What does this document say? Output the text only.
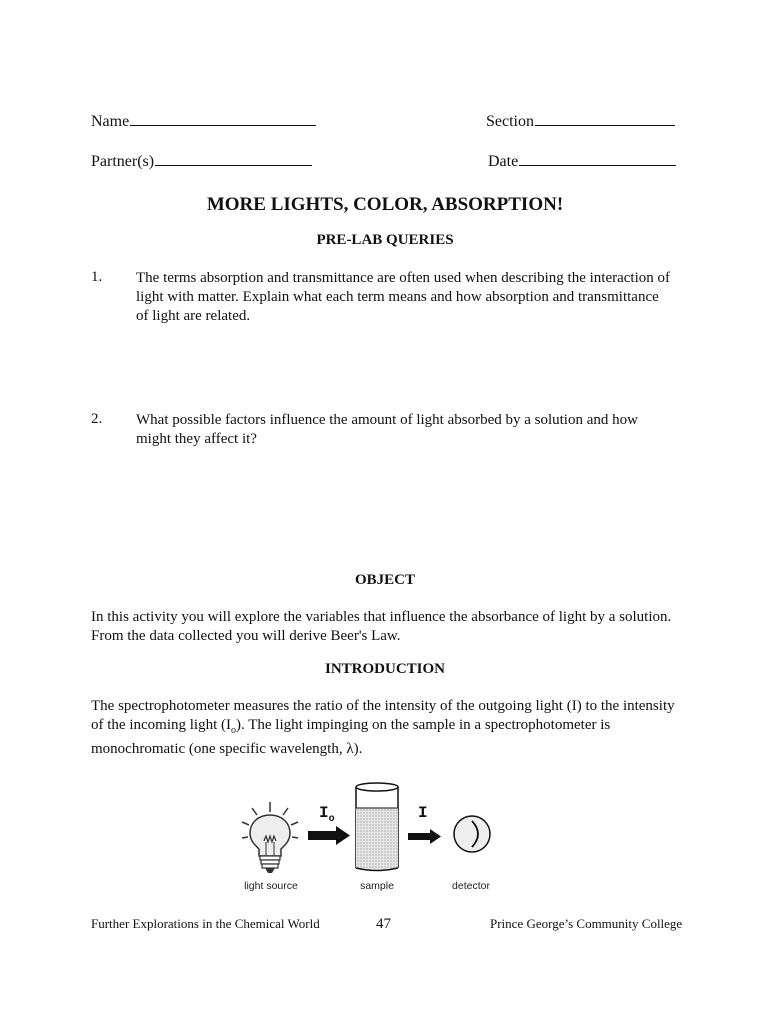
Name	Section
Partner(s)	Date
MORE LIGHTS, COLOR, ABSORPTION!
PRE-LAB QUERIES
1. The terms absorption and transmittance are often used when describing the interaction of
light with matter. Explain what each term means and how absorption and transmittance
of light are related.
2. What possible factors influence the amount of light absorbed by a solution and how
might they affect it?
OBJECT
In this activity you will explore the variables that influence the absorbance of light by a solution.
From the data collected you will derive Beer's Law.
INTRODUCTION
The spectrophotometer measures the ratio of the intensity of the outgoing light (I) to the intensity
of the incoming light $(I_o)$. The light impinging on the sample in a spectrophotometer is
monochromatic (one specific wavelength, λ).
$I_o$	I
light source	sample	detector
Further Explorations in the Chemical World	47	Prince George’s Community College
